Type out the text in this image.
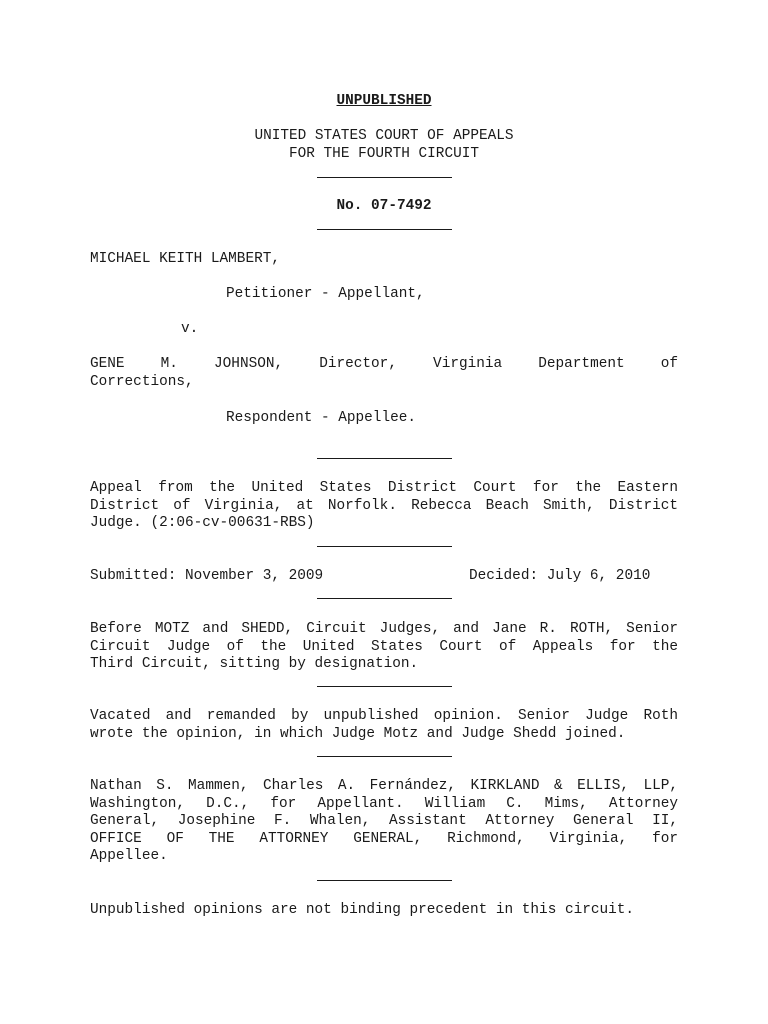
UNPUBLISHED
UNITED STATES COURT OF APPEALS
FOR THE FOURTH CIRCUIT
No. 07-7492
MICHAEL KEITH LAMBERT,
Petitioner - Appellant,
v.
GENE M. JOHNSON, Director, Virginia Department of
Corrections,
Respondent - Appellee.
Appeal from the United States District Court for the Eastern
District of Virginia, at Norfolk. Rebecca Beach Smith, District
Judge. (2:06-cv-00631-RBS)
Submitted: November 3, 2009	Decided: July 6, 2010
Before MOTZ and SHEDD, Circuit Judges, and Jane R. ROTH, Senior
Circuit Judge of the United States Court of Appeals for the
Third Circuit, sitting by designation.
Vacated and remanded by unpublished opinion. Senior Judge Roth
wrote the opinion, in which Judge Motz and Judge Shedd joined.
Nathan S. Mammen, Charles A. Fernández, KIRKLAND & ELLIS, LLP,
Washington, D.C., for Appellant. William C. Mims, Attorney
General, Josephine F. Whalen, Assistant Attorney General II,
OFFICE OF THE ATTORNEY GENERAL, Richmond, Virginia, for
Appellee.
Unpublished opinions are not binding precedent in this circuit.
